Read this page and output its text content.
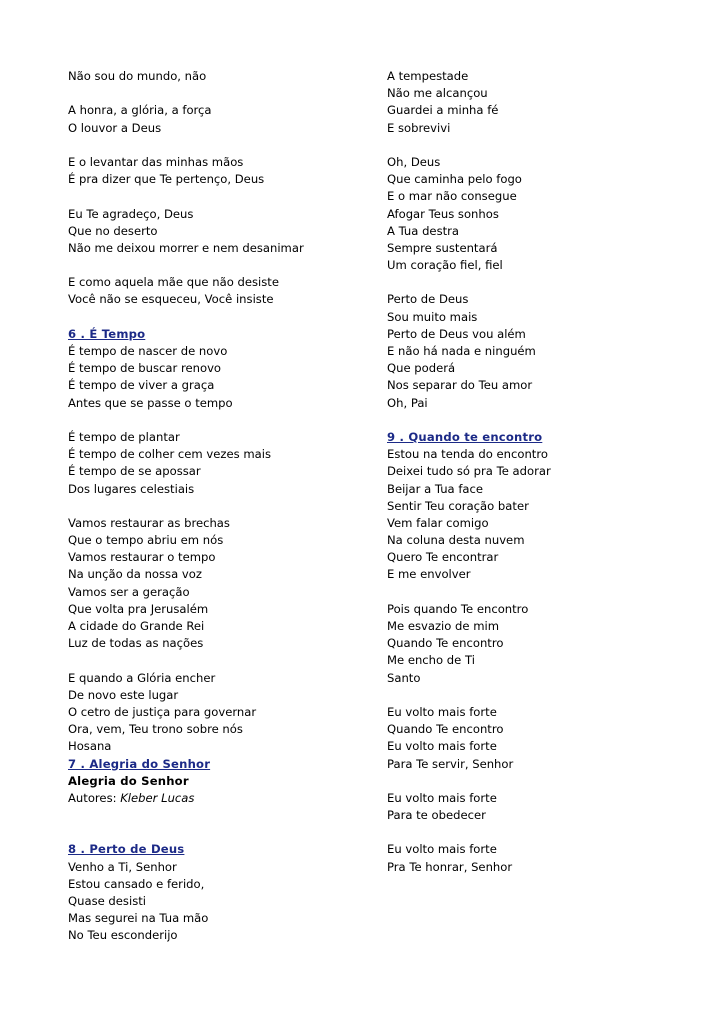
Não sou do mundo, não
A honra, a glória, a força
O louvor a Deus
E o levantar das minhas mãos
É pra dizer que Te pertenço, Deus
Eu Te agradeço, Deus
Que no deserto
Não me deixou morrer e nem desanimar
E como aquela mãe que não desiste
Você não se esqueceu, Você insiste
6 . É Tempo
É tempo de nascer de novo
É tempo de buscar renovo
É tempo de viver a graça
Antes que se passe o tempo
É tempo de plantar
É tempo de colher cem vezes mais
É tempo de se apossar
Dos lugares celestiais
Vamos restaurar as brechas
Que o tempo abriu em nós
Vamos restaurar o tempo
Na unção da nossa voz
Vamos ser a geração
Que volta pra Jerusalém
A cidade do Grande Rei
Luz de todas as nações
E quando a Glória encher
De novo este lugar
O cetro de justiça para governar
Ora, vem, Teu trono sobre nós
Hosana
7 . Alegria do Senhor
Alegria do Senhor
Autores: Kleber Lucas
8 . Perto de Deus
Venho a Ti, Senhor
Estou cansado e ferido,
Quase desisti
Mas segurei na Tua mão
No Teu esconderijo
A tempestade
Não me alcançou
Guardei a minha fé
E sobrevivi
Oh, Deus
Que caminha pelo fogo
E o mar não consegue
Afogar Teus sonhos
A Tua destra
Sempre sustentará
Um coração fiel, fiel
Perto de Deus
Sou muito mais
Perto de Deus vou além
E não há nada e ninguém
Que poderá
Nos separar do Teu amor
Oh, Pai
9 . Quando te encontro
Estou na tenda do encontro
Deixei tudo só pra Te adorar
Beijar a Tua face
Sentir Teu coração bater
Vem falar comigo
Na coluna desta nuvem
Quero Te encontrar
E me envolver
Pois quando Te encontro
Me esvazio de mim
Quando Te encontro
Me encho de Ti
Santo
Eu volto mais forte
Quando Te encontro
Eu volto mais forte
Para Te servir, Senhor
Eu volto mais forte
Para te obedecer
Eu volto mais forte
Pra Te honrar, Senhor
